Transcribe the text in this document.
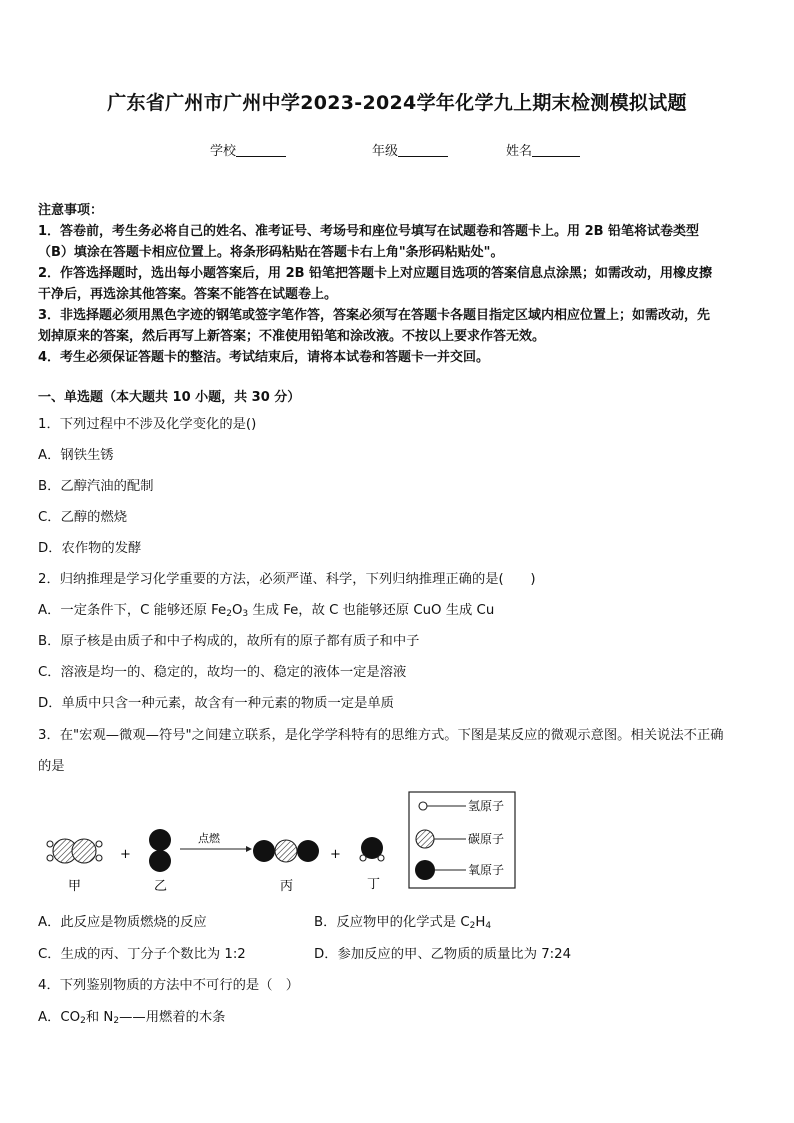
广东省广州市广州中学2023-2024学年化学九上期末检测模拟试题
学校	年级	姓名
注意事项：
1．答卷前，考生务必将自己的姓名、准考证号、考场号和座位号填写在试题卷和答题卡上。用 2B 铅笔将试卷类型
（B）填涂在答题卡相应位置上。将条形码粘贴在答题卡右上角"条形码粘贴处"。
2．作答选择题时，选出每小题答案后，用 2B 铅笔把答题卡上对应题目选项的答案信息点涂黑；如需改动，用橡皮擦
干净后，再选涂其他答案。答案不能答在试题卷上。
3．非选择题必须用黑色字迹的钢笔或签字笔作答，答案必须写在答题卡各题目指定区域内相应位置上；如需改动，先
划掉原来的答案，然后再写上新答案；不准使用铅笔和涂改液。不按以上要求作答无效。
4．考生必须保证答题卡的整洁。考试结束后，请将本试卷和答题卡一并交回。
一、单选题（本大题共 10 小题，共 30 分）
1．下列过程中不涉及化学变化的是()
A．钢铁生锈
B．乙醇汽油的配制
C．乙醇的燃烧
D．农作物的发酵
2．归纳推理是学习化学重要的方法，必须严谨、科学，下列归纳推理正确的是(　　)
A．一定条件下，C 能够还原 $Fe_2O_3$ 生成 Fe，故 C 也能够还原 CuO 生成 Cu
B．原子核是由质子和中子构成的，故所有的原子都有质子和中子
C．溶液是均一的、稳定的，故均一的、稳定的液体一定是溶液
D．单质中只含一种元素，故含有一种元素的物质一定是单质
3．在"宏观—微观—符号"之间建立联系，是化学学科特有的思维方式。下图是某反应的微观示意图。相关说法不正确
的是
甲
+
乙
点燃
丙
+
丁
氢原子
碳原子
氧原子
A．此反应是物质燃烧的反应	B．反应物甲的化学式是 $C_2H_4$
C．生成的丙、丁分子个数比为 1:2	D．参加反应的甲、乙物质的质量比为 7:24
4．下列鉴别物质的方法中不可行的是（　）
A．$CO_2$和 $N_2——$用燃着的木条
